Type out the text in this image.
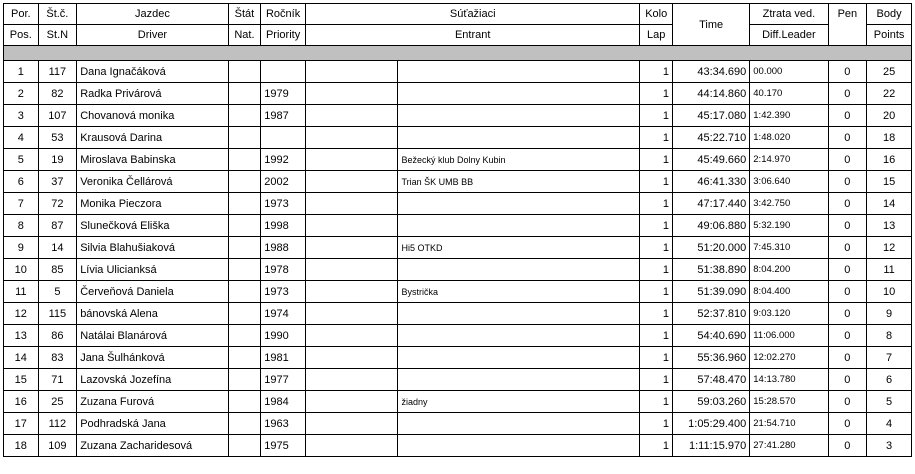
Por.	Št.č.	Jazdec	Štát	Ročník	Súťažiaci		Kolo	Time	Ztrata ved.	Pen	Body
Pos.	St.N	Driver	Nat.	Priority	Entrant		Lap		Diff.Leader		Points

1	117	Dana Ignačáková					1	43:34.690	00.000	0	25
2	82	Radka Privárová		1979			1	44:14.860	40.170	0	22
3	107	Chovanová monika		1987			1	45:17.080	1:42.390	0	20
4	53	Krausová Darina					1	45:22.710	1:48.020	0	18
5	19	Miroslava Babinska		1992		Bežecký klub Dolny Kubin	1	45:49.660	2:14.970	0	16
6	37	Veronika Čellárová		2002		Trian ŠK UMB BB	1	46:41.330	3:06.640	0	15
7	72	Monika Pieczora		1973			1	47:17.440	3:42.750	0	14
8	87	Slunečková Eliška		1998			1	49:06.880	5:32.190	0	13
9	14	Silvia Blahušiaková		1988		Hi5 OTKD	1	51:20.000	7:45.310	0	12
10	85	Lívia Ulicianksá		1978			1	51:38.890	8:04.200	0	11
11	5	Červeňová Daniela		1973		Bystrička	1	51:39.090	8:04.400	0	10
12	115	bánovská Alena		1974			1	52:37.810	9:03.120	0	9
13	86	Natálai Blanárová		1990			1	54:40.690	11:06.000	0	8
14	83	Jana Šulhánková		1981			1	55:36.960	12:02.270	0	7
15	71	Lazovská Jozefína		1977			1	57:48.470	14:13.780	0	6
16	25	Zuzana Furová		1984		žiadny	1	59:03.260	15:28.570	0	5
17	112	Podhradská Jana		1963			1	1:05:29.400	21:54.710	0	4
18	109	Zuzana Zacharidesová		1975			1	1:11:15.970	27:41.280	0	3
